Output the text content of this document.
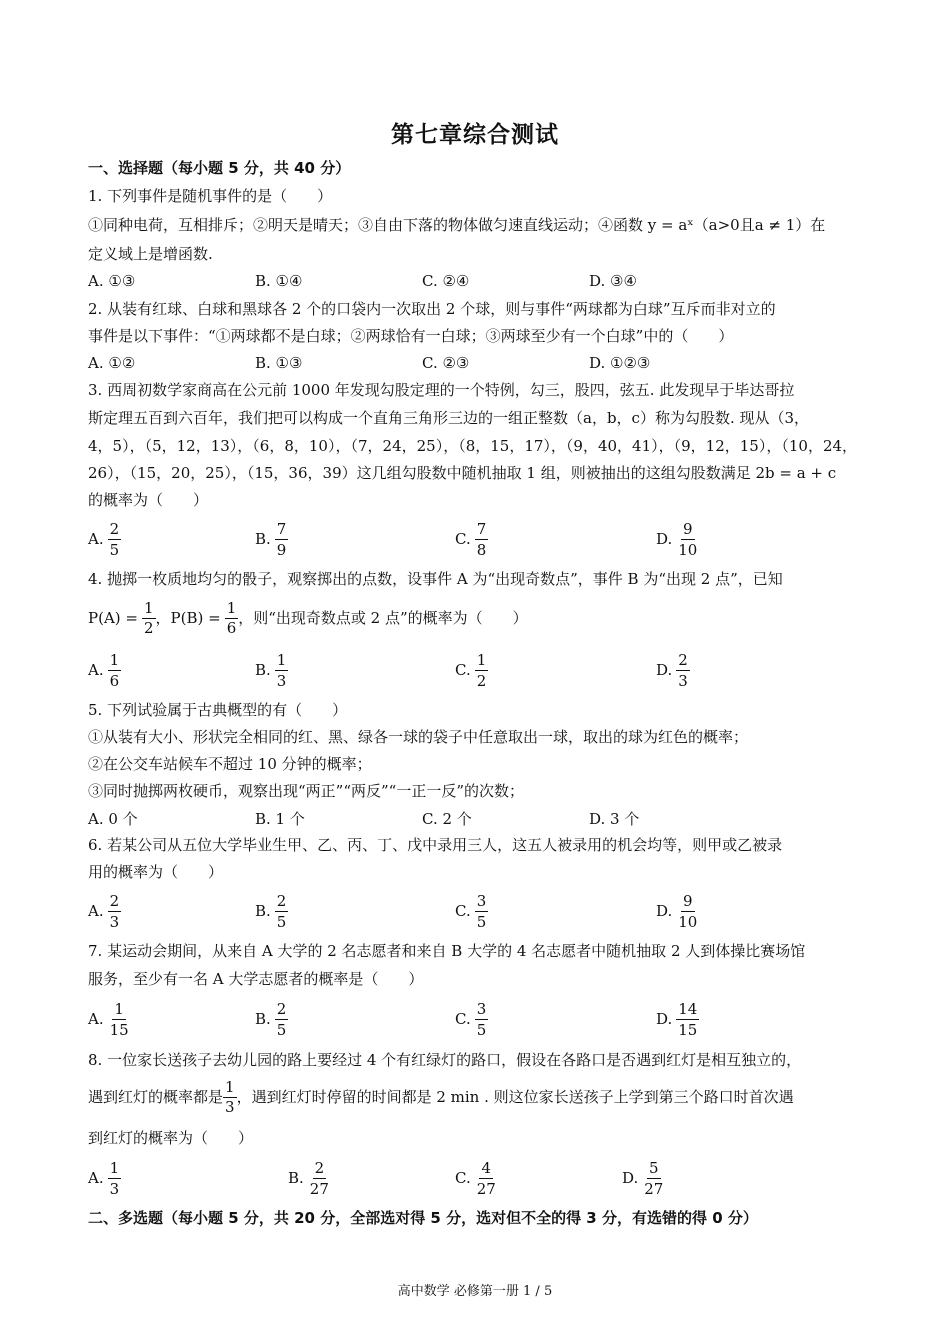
第七章综合测试
一、选择题（每小题 5 分，共 40 分）
1. 下列事件是随机事件的是（　　）
①同种电荷，互相排斥；②明天是晴天；③自由下落的物体做匀速直线运动；④函数 y = aˣ（a>0且a ≠ 1）在
定义域上是增函数.
A. ①③	B. ①④	C. ②④	D. ③④
2. 从装有红球、白球和黑球各 2 个的口袋内一次取出 2 个球，则与事件“两球都为白球”互斥而非对立的
事件是以下事件：“①两球都不是白球；②两球恰有一白球；③两球至少有一个白球”中的（　　）
A. ①②	B. ①③	C. ②③	D. ①②③
3. 西周初数学家商高在公元前 1000 年发现勾股定理的一个特例，勾三，股四，弦五. 此发现早于毕达哥拉
斯定理五百到六百年，我们把可以构成一个直角三角形三边的一组正整数（a，b，c）称为勾股数. 现从（3，
4，5），（5，12，13），（6，8，10），（7，24，25），（8，15，17），（9，40，41），（9，12，15），（10，24，
26），（15，20，25），（15，36，39）这几组勾股数中随机抽取 1 组，则被抽出的这组勾股数满足 2b = a + c
的概率为（　　）
A. $\frac{2}{5}$	B. $\frac{7}{9}$	C. $\frac{7}{8}$	D. $\frac{9}{10}$
4. 抛掷一枚质地均匀的骰子，观察掷出的点数，设事件 A 为“出现奇数点”，事件 B 为“出现 2 点”，已知
$P(A) = \frac{1}{2}$ ，$P(B) = \frac{1}{6}$ ，则“出现奇数点或 2 点”的概率为（　　）
A. $\frac{1}{6}$	B. $\frac{1}{3}$	C. $\frac{1}{2}$	D. $\frac{2}{3}$
5. 下列试验属于古典概型的有（　　）
①从装有大小、形状完全相同的红、黑、绿各一球的袋子中任意取出一球，取出的球为红色的概率；
②在公交车站候车不超过 10 分钟的概率；
③同时抛掷两枚硬币，观察出现“两正”“两反”“一正一反”的次数；
A. 0 个	B. 1 个	C. 2 个	D. 3 个
6. 若某公司从五位大学毕业生甲、乙、丙、丁、戊中录用三人，这五人被录用的机会均等，则甲或乙被录
用的概率为（　　）
A. $\frac{2}{3}$	B. $\frac{2}{5}$	C. $\frac{3}{5}$	D. $\frac{9}{10}$
7. 某运动会期间，从来自 A 大学的 2 名志愿者和来自 B 大学的 4 名志愿者中随机抽取 2 人到体操比赛场馆
服务，至少有一名 A 大学志愿者的概率是（　　）
A. $\frac{1}{15}$	B. $\frac{2}{5}$	C. $\frac{3}{5}$	D. $\frac{14}{15}$
8. 一位家长送孩子去幼儿园的路上要经过 4 个有红绿灯的路口，假设在各路口是否遇到红灯是相互独立的，
遇到红灯的概率都是 $\frac{1}{3}$ ，遇到红灯时停留的时间都是 2 min . 则这位家长送孩子上学到第三个路口时首次遇
到红灯的概率为（　　）
A. $\frac{1}{3}$	B. $\frac{2}{27}$	C. $\frac{4}{27}$	D. $\frac{5}{27}$
二、多选题（每小题 5 分，共 20 分，全部选对得 5 分，选对但不全的得 3 分，有选错的得 0 分）
高中数学 必修第一册 1 / 5
